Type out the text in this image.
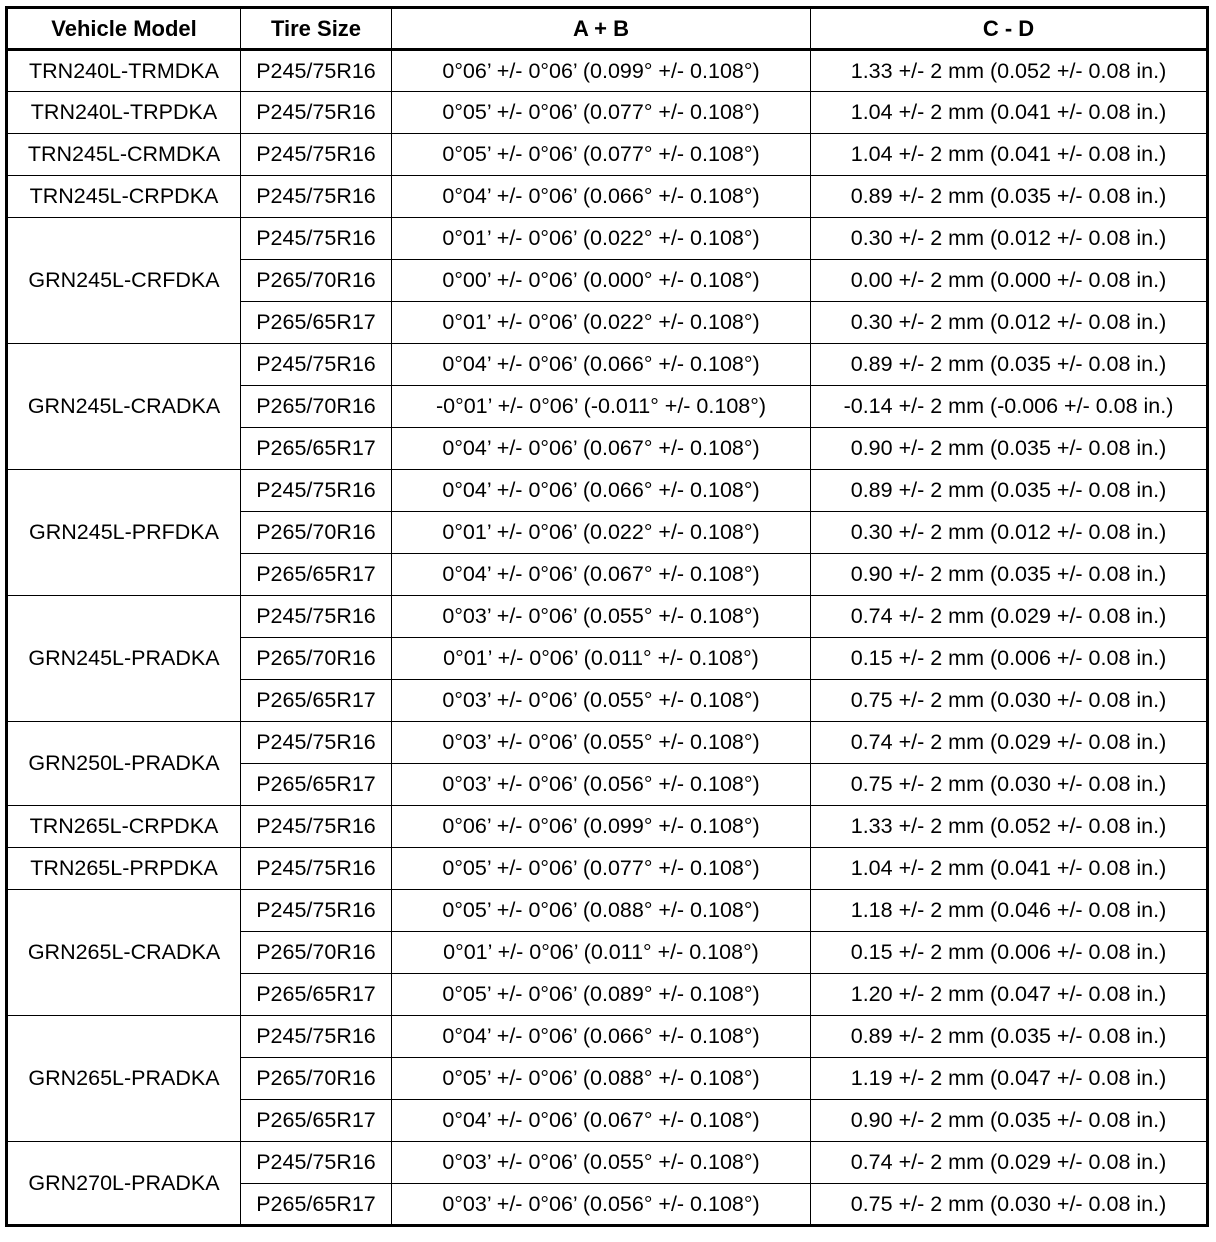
Vehicle Model	Tire Size	A + B	C - D
TRN240L-TRMDKA	P245/75R16	0°06’ +/- 0°06’ (0.099° +/- 0.108°)	1.33 +/- 2 mm (0.052 +/- 0.08 in.)
TRN240L-TRPDKA	P245/75R16	0°05’ +/- 0°06’ (0.077° +/- 0.108°)	1.04 +/- 2 mm (0.041 +/- 0.08 in.)
TRN245L-CRMDKA	P245/75R16	0°05’ +/- 0°06’ (0.077° +/- 0.108°)	1.04 +/- 2 mm (0.041 +/- 0.08 in.)
TRN245L-CRPDKA	P245/75R16	0°04’ +/- 0°06’ (0.066° +/- 0.108°)	0.89 +/- 2 mm (0.035 +/- 0.08 in.)
GRN245L-CRFDKA	P245/75R16	0°01’ +/- 0°06’ (0.022° +/- 0.108°)	0.30 +/- 2 mm (0.012 +/- 0.08 in.)
	P265/70R16	0°00’ +/- 0°06’ (0.000° +/- 0.108°)	0.00 +/- 2 mm (0.000 +/- 0.08 in.)
	P265/65R17	0°01’ +/- 0°06’ (0.022° +/- 0.108°)	0.30 +/- 2 mm (0.012 +/- 0.08 in.)
GRN245L-CRADKA	P245/75R16	0°04’ +/- 0°06’ (0.066° +/- 0.108°)	0.89 +/- 2 mm (0.035 +/- 0.08 in.)
	P265/70R16	-0°01’ +/- 0°06’ (-0.011° +/- 0.108°)	-0.14 +/- 2 mm (-0.006 +/- 0.08 in.)
	P265/65R17	0°04’ +/- 0°06’ (0.067° +/- 0.108°)	0.90 +/- 2 mm (0.035 +/- 0.08 in.)
GRN245L-PRFDKA	P245/75R16	0°04’ +/- 0°06’ (0.066° +/- 0.108°)	0.89 +/- 2 mm (0.035 +/- 0.08 in.)
	P265/70R16	0°01’ +/- 0°06’ (0.022° +/- 0.108°)	0.30 +/- 2 mm (0.012 +/- 0.08 in.)
	P265/65R17	0°04’ +/- 0°06’ (0.067° +/- 0.108°)	0.90 +/- 2 mm (0.035 +/- 0.08 in.)
GRN245L-PRADKA	P245/75R16	0°03’ +/- 0°06’ (0.055° +/- 0.108°)	0.74 +/- 2 mm (0.029 +/- 0.08 in.)
	P265/70R16	0°01’ +/- 0°06’ (0.011° +/- 0.108°)	0.15 +/- 2 mm (0.006 +/- 0.08 in.)
	P265/65R17	0°03’ +/- 0°06’ (0.055° +/- 0.108°)	0.75 +/- 2 mm (0.030 +/- 0.08 in.)
GRN250L-PRADKA	P245/75R16	0°03’ +/- 0°06’ (0.055° +/- 0.108°)	0.74 +/- 2 mm (0.029 +/- 0.08 in.)
	P265/65R17	0°03’ +/- 0°06’ (0.056° +/- 0.108°)	0.75 +/- 2 mm (0.030 +/- 0.08 in.)
TRN265L-CRPDKA	P245/75R16	0°06’ +/- 0°06’ (0.099° +/- 0.108°)	1.33 +/- 2 mm (0.052 +/- 0.08 in.)
TRN265L-PRPDKA	P245/75R16	0°05’ +/- 0°06’ (0.077° +/- 0.108°)	1.04 +/- 2 mm (0.041 +/- 0.08 in.)
GRN265L-CRADKA	P245/75R16	0°05’ +/- 0°06’ (0.088° +/- 0.108°)	1.18 +/- 2 mm (0.046 +/- 0.08 in.)
	P265/70R16	0°01’ +/- 0°06’ (0.011° +/- 0.108°)	0.15 +/- 2 mm (0.006 +/- 0.08 in.)
	P265/65R17	0°05’ +/- 0°06’ (0.089° +/- 0.108°)	1.20 +/- 2 mm (0.047 +/- 0.08 in.)
GRN265L-PRADKA	P245/75R16	0°04’ +/- 0°06’ (0.066° +/- 0.108°)	0.89 +/- 2 mm (0.035 +/- 0.08 in.)
	P265/70R16	0°05’ +/- 0°06’ (0.088° +/- 0.108°)	1.19 +/- 2 mm (0.047 +/- 0.08 in.)
	P265/65R17	0°04’ +/- 0°06’ (0.067° +/- 0.108°)	0.90 +/- 2 mm (0.035 +/- 0.08 in.)
GRN270L-PRADKA	P245/75R16	0°03’ +/- 0°06’ (0.055° +/- 0.108°)	0.74 +/- 2 mm (0.029 +/- 0.08 in.)
	P265/65R17	0°03’ +/- 0°06’ (0.056° +/- 0.108°)	0.75 +/- 2 mm (0.030 +/- 0.08 in.)
